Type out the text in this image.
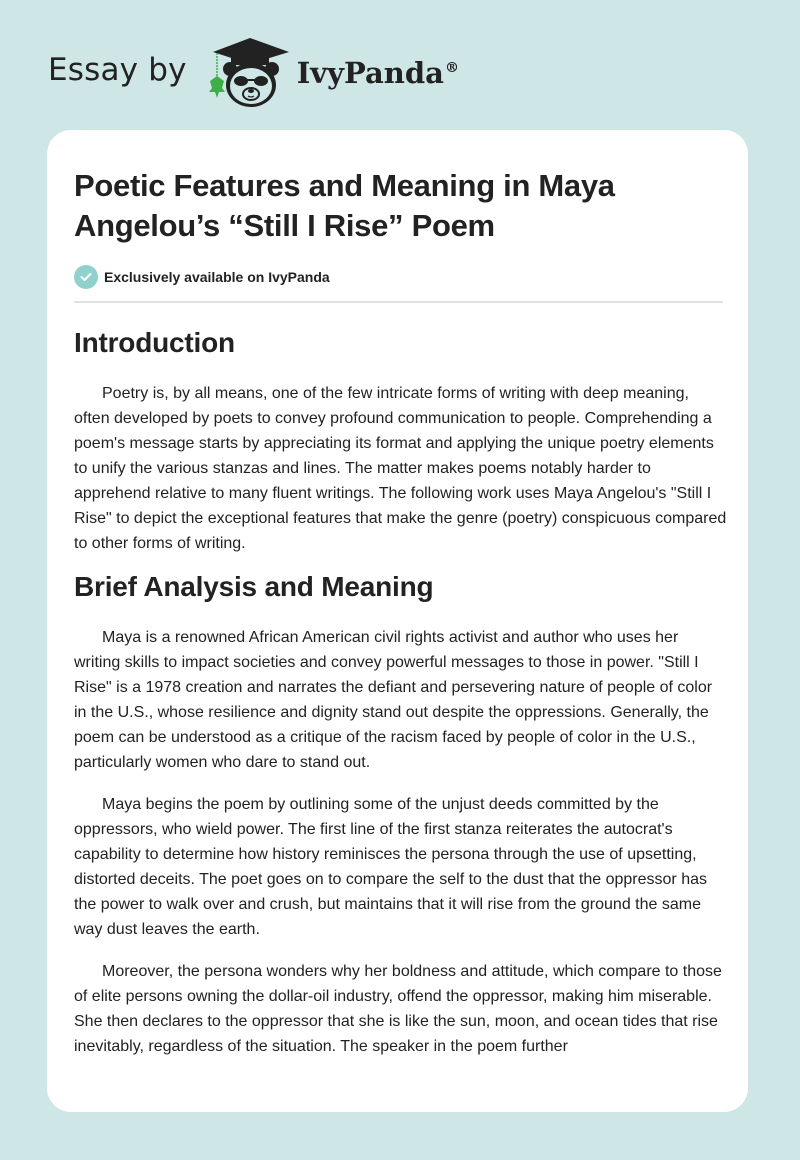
Essay by	IvyPanda®
Poetic Features and Meaning in Maya Angelou’s “Still I Rise” Poem
Exclusively available on IvyPanda
Introduction

Poetry is, by all means, one of the few intricate forms of writing with deep meaning, often developed by poets to convey profound communication to people. Comprehending a poem's message starts by appreciating its format and applying the unique poetry elements to unify the various stanzas and lines. The matter makes poems notably harder to apprehend relative to many fluent writings. The following work uses Maya Angelou's "Still I Rise" to depict the exceptional features that make the genre (poetry) conspicuous compared to other forms of writing.

Brief Analysis and Meaning

Maya is a renowned African American civil rights activist and author who uses her writing skills to impact societies and convey powerful messages to those in power. "Still I Rise" is a 1978 creation and narrates the defiant and persevering nature of people of color in the U.S., whose resilience and dignity stand out despite the oppressions. Generally, the poem can be understood as a critique of the racism faced by people of color in the U.S., particularly women who dare to stand out.

Maya begins the poem by outlining some of the unjust deeds committed by the oppressors, who wield power. The first line of the first stanza reiterates the autocrat's capability to determine how history reminisces the persona through the use of upsetting, distorted deceits. The poet goes on to compare the self to the dust that the oppressor has the power to walk over and crush, but maintains that it will rise from the ground the same way dust leaves the earth.

Moreover, the persona wonders why her boldness and attitude, which compare to those of elite persons owning the dollar-oil industry, offend the oppressor, making him miserable. She then declares to the oppressor that she is like the sun, moon, and ocean tides that rise inevitably, regardless of the situation. The speaker in the poem further
